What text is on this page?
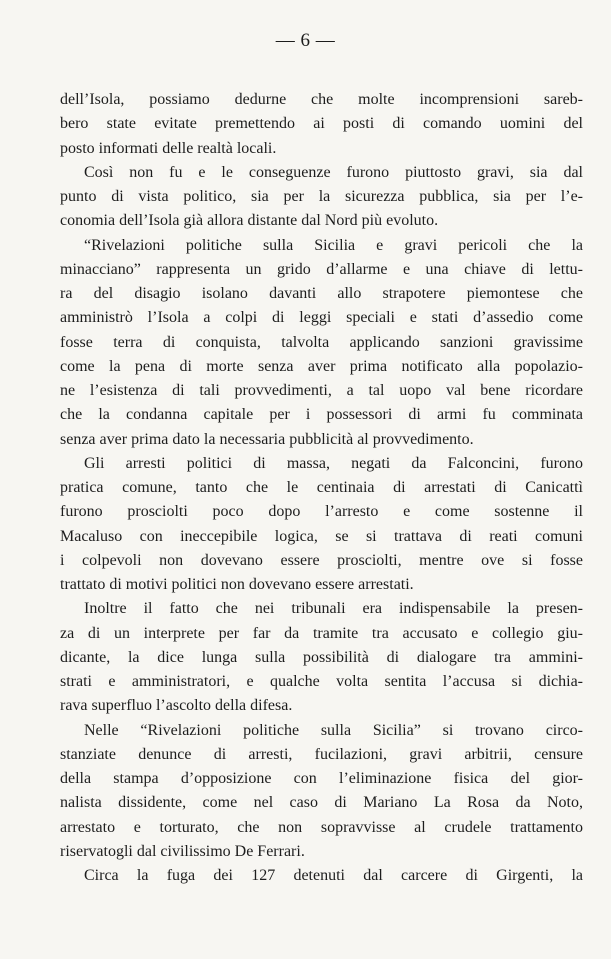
— 6 —
dell’Isola, possiamo dedurne che molte incomprensioni sareb-
bero state evitate premettendo ai posti di comando uomini del
posto informati delle realtà locali.
Così non fu e le conseguenze furono piuttosto gravi, sia dal
punto di vista politico, sia per la sicurezza pubblica, sia per l’e-
conomia dell’Isola già allora distante dal Nord più evoluto.
“Rivelazioni politiche sulla Sicilia e gravi pericoli che la
minacciano” rappresenta un grido d’allarme e una chiave di lettu-
ra del disagio isolano davanti allo strapotere piemontese che
amministrò l’Isola a colpi di leggi speciali e stati d’assedio come
fosse terra di conquista, talvolta applicando sanzioni gravissime
come la pena di morte senza aver prima notificato alla popolazio-
ne l’esistenza di tali provvedimenti, a tal uopo val bene ricordare
che la condanna capitale per i possessori di armi fu comminata
senza aver prima dato la necessaria pubblicità al provvedimento.
Gli arresti politici di massa, negati da Falconcini, furono
pratica comune, tanto che le centinaia di arrestati di Canicattì
furono prosciolti poco dopo l’arresto e come sostenne il
Macaluso con ineccepibile logica, se si trattava di reati comuni
i colpevoli non dovevano essere prosciolti, mentre ove si fosse
trattato di motivi politici non dovevano essere arrestati.
Inoltre il fatto che nei tribunali era indispensabile la presen-
za di un interprete per far da tramite tra accusato e collegio giu-
dicante, la dice lunga sulla possibilità di dialogare tra ammini-
strati e amministratori, e qualche volta sentita l’accusa si dichia-
rava superfluo l’ascolto della difesa.
Nelle “Rivelazioni politiche sulla Sicilia” si trovano circo-
stanziate denunce di arresti, fucilazioni, gravi arbitrii, censure
della stampa d’opposizione con l’eliminazione fisica del gior-
nalista dissidente, come nel caso di Mariano La Rosa da Noto,
arrestato e torturato, che non sopravvisse al crudele trattamento
riservatogli dal civilissimo De Ferrari.
Circa la fuga dei 127 detenuti dal carcere di Girgenti, la
